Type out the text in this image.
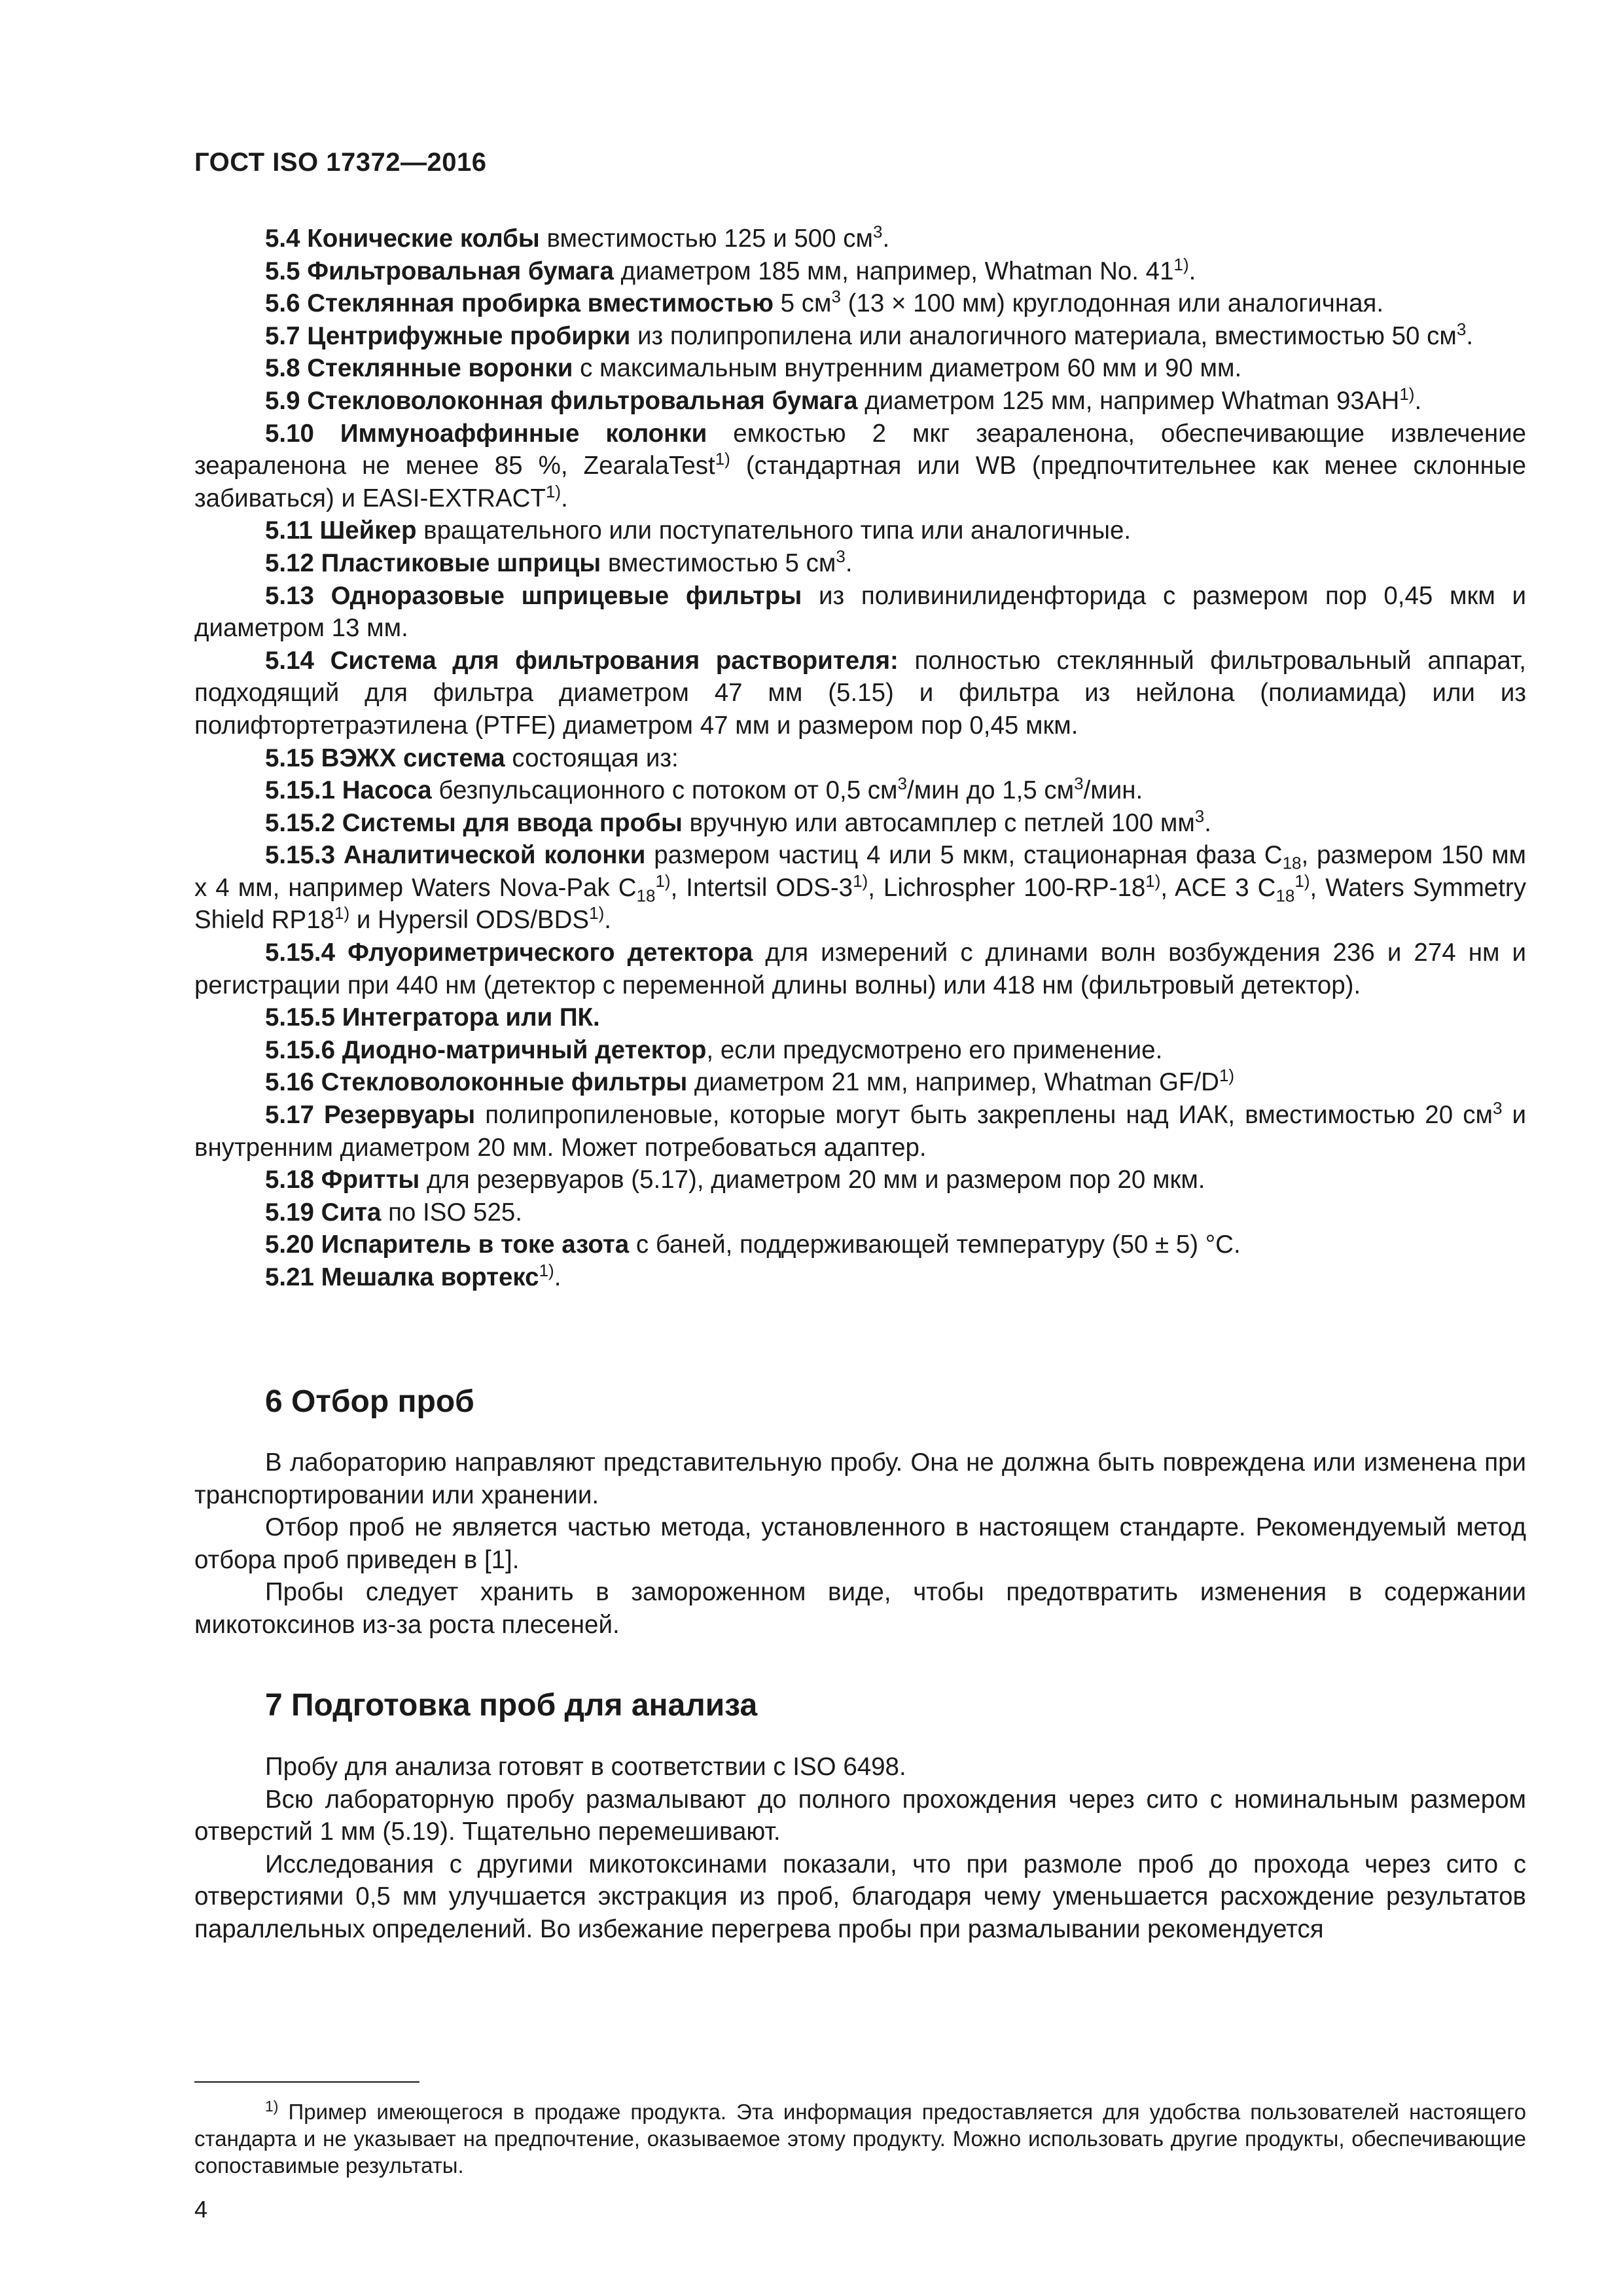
ГОСТ ISO 17372—2016

5.4 Конические колбы вместимостью 125 и 500 $см^3$.

5.5 Фильтровальная бумага диаметром 185 мм, например, Whatman No. 41$^{1)}$.

5.6 Стеклянная пробирка вместимостью 5 $см^3$ (13 × 100 мм) круглодонная или аналогичная.

5.7 Центрифужные пробирки из полипропилена или аналогичного материала, вместимостью 50 $см^3$.

5.8 Стеклянные воронки с максимальным внутренним диаметром 60 мм и 90 мм.

5.9 Стекловолоконная фильтровальная бумага диаметром 125 мм, например Whatman 93AH$^{1)}$.

5.10 Иммуноаффинные колонки емкостью 2 мкг зеараленона, обеспечивающие извлечение зеараленона не менее 85 %, ZearalaTest$^{1)}$ (стандартная или WB (предпочтительнее как менее склонные забиваться) и EASI-EXTRACT$^{1)}$.

5.11 Шейкер вращательного или поступательного типа или аналогичные.

5.12 Пластиковые шприцы вместимостью 5 $см^3$.

5.13 Одноразовые шприцевые фильтры из поливинилиденфторида с размером пор 0,45 мкм и диаметром 13 мм.

5.14 Система для фильтрования растворителя: полностью стеклянный фильтровальный аппарат, подходящий для фильтра диаметром 47 мм (5.15) и фильтра из нейлона (полиамида) или из полифтортетраэтилена (PTFE) диаметром 47 мм и размером пор 0,45 мкм.

5.15 ВЭЖХ система состоящая из:

5.15.1 Насоса безпульсационного с потоком от 0,5 $см^3$/мин до 1,5 $см^3$/мин.

5.15.2 Системы для ввода пробы вручную или автосамплер с петлей 100 $мм^3$.

5.15.3 Аналитической колонки размером частиц 4 или 5 мкм, стационарная фаза $С_{18}$, размером 150 мм x 4 мм, например Waters Nova-Pak $C_{18}^{1)}$, Intertsil ODS-3$^{1)}$, Lichrospher 100-RP-18$^{1)}$, ACE 3 $C_{18}^{1)}$, Waters Symmetry Shield RP18$^{1)}$ и Hypersil ODS/BDS$^{1)}$.

5.15.4 Флуориметрического детектора для измерений с длинами волн возбуждения 236 и 274 нм и регистрации при 440 нм (детектор с переменной длины волны) или 418 нм (фильтровый детектор).

5.15.5 Интегратора или ПК.

5.15.6 Диодно-матричный детектор, если предусмотрено его применение.

5.16 Стекловолоконные фильтры диаметром 21 мм, например, Whatman $GF/D^{1)}$

5.17 Резервуары полипропиленовые, которые могут быть закреплены над ИАК, вместимостью 20 $см^3$ и внутренним диаметром 20 мм. Может потребоваться адаптер.

5.18 Фритты для резервуаров (5.17), диаметром 20 мм и размером пор 20 мкм.

5.19 Сита по ISO 525.

5.20 Испаритель в токе азота с баней, поддерживающей температуру (50 ± 5) °С.

5.21 Мешалка вортекс$^{1)}$.

6 Отбор проб

В лабораторию направляют представительную пробу. Она не должна быть повреждена или изменена при транспортировании или хранении.

Отбор проб не является частью метода, установленного в настоящем стандарте. Рекомендуемый метод отбора проб приведен в [1].

Пробы следует хранить в замороженном виде, чтобы предотвратить изменения в содержании микотоксинов из-за роста плесеней.

7 Подготовка проб для анализа

Пробу для анализа готовят в соответствии с ISO 6498.

Всю лабораторную пробу размалывают до полного прохождения через сито с номинальным размером отверстий 1 мм (5.19). Тщательно перемешивают.

Исследования с другими микотоксинами показали, что при размоле проб до прохода через сито с отверстиями 0,5 мм улучшается экстракция из проб, благодаря чему уменьшается расхождение результатов параллельных определений. Во избежание перегрева пробы при размалывании рекомендуется

$^{1)}$ Пример имеющегося в продаже продукта. Эта информация предоставляется для удобства пользователей настоящего стандарта и не указывает на предпочтение, оказываемое этому продукту. Можно использовать другие продукты, обеспечивающие сопоставимые результаты.
4
